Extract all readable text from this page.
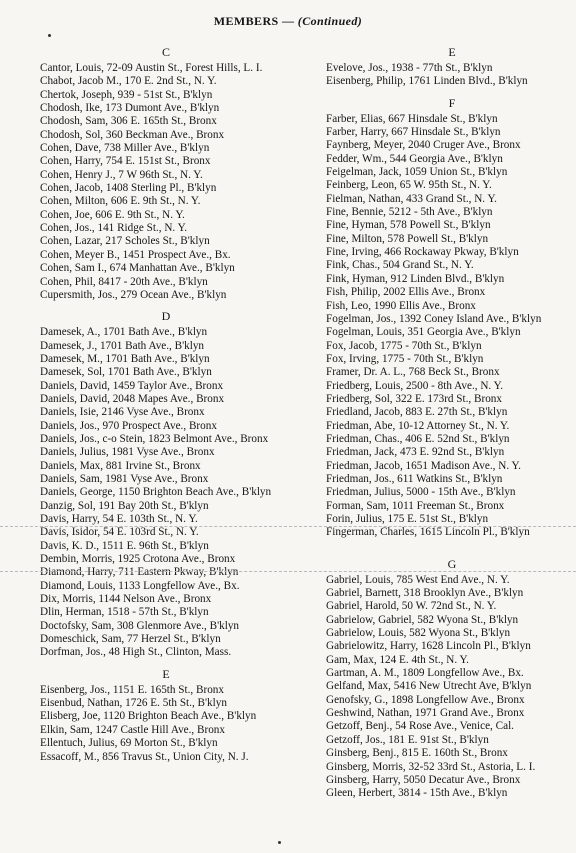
MEMBERS — (Continued)
C
Cantor, Louis, 72-09 Austin St., Forest Hills, L. I.
Chabot, Jacob M., 170 E. 2nd St., N. Y.
Chertok, Joseph, 939 - 51st St., B'klyn
Chodosh, Ike, 173 Dumont Ave., B'klyn
Chodosh, Sam, 306 E. 165th St., Bronx
Chodosh, Sol, 360 Beckman Ave., Bronx
Cohen, Dave, 738 Miller Ave., B'klyn
Cohen, Harry, 754 E. 151st St., Bronx
Cohen, Henry J., 7 W 96th St., N. Y.
Cohen, Jacob, 1408 Sterling Pl., B'klyn
Cohen, Milton, 606 E. 9th St., N. Y.
Cohen, Joe, 606 E. 9th St., N. Y.
Cohen, Jos., 141 Ridge St., N. Y.
Cohen, Lazar, 217 Scholes St., B'klyn
Cohen, Meyer B., 1451 Prospect Ave., Bx.
Cohen, Sam I., 674 Manhattan Ave., B'klyn
Cohen, Phil, 8417 - 20th Ave., B'klyn
Cupersmith, Jos., 279 Ocean Ave., B'klyn
D
Damesek, A., 1701 Bath Ave., B'klyn
Damesek, J., 1701 Bath Ave., B'klyn
Damesek, M., 1701 Bath Ave., B'klyn
Damesek, Sol, 1701 Bath Ave., B'klyn
Daniels, David, 1459 Taylor Ave., Bronx
Daniels, David, 2048 Mapes Ave., Bronx
Daniels, Isie, 2146 Vyse Ave., Bronx
Daniels, Jos., 970 Prospect Ave., Bronx
Daniels, Jos., c-o Stein, 1823 Belmont Ave., Bronx
Daniels, Julius, 1981 Vyse Ave., Bronx
Daniels, Max, 881 Irvine St., Bronx
Daniels, Sam, 1981 Vyse Ave., Bronx
Daniels, George, 1150 Brighton Beach Ave., B'klyn
Danzig, Sol, 191 Bay 20th St., B'klyn
Davis, Harry, 54 E. 103th St., N. Y.
Davis, Isidor, 54 E. 103rd St., N. Y.
Davis, K. D., 1511 E. 96th St., B'klyn
Dembin, Morris, 1925 Crotona Ave., Bronx
Diamond, Harry, 711 Eastern Pkway, B'klyn
Diamond, Louis, 1133 Longfellow Ave., Bx.
Dix, Morris, 1144 Nelson Ave., Bronx
Dlin, Herman, 1518 - 57th St., B'klyn
Doctofsky, Sam, 308 Glenmore Ave., B'klyn
Domeschick, Sam, 77 Herzel St., B'klyn
Dorfman, Jos., 48 High St., Clinton, Mass.
E
Eisenberg, Jos., 1151 E. 165th St., Bronx
Eisenbud, Nathan, 1726 E. 5th St., B'klyn
Elisberg, Joe, 1120 Brighton Beach Ave., B'klyn
Elkin, Sam, 1247 Castle Hill Ave., Bronx
Ellentuch, Julius, 69 Morton St., B'klyn
Essacoff, M., 856 Travus St., Union City, N. J.
E
Evelove, Jos., 1938 - 77th St., B'klyn
Eisenberg, Philip, 1761 Linden Blvd., B'klyn
F
Farber, Elias, 667 Hinsdale St., B'klyn
Farber, Harry, 667 Hinsdale St., B'klyn
Faynberg, Meyer, 2040 Cruger Ave., Bronx
Fedder, Wm., 544 Georgia Ave., B'klyn
Feigelman, Jack, 1059 Union St., B'klyn
Feinberg, Leon, 65 W. 95th St., N. Y.
Fielman, Nathan, 433 Grand St., N. Y.
Fine, Bennie, 5212 - 5th Ave., B'klyn
Fine, Hyman, 578 Powell St., B'klyn
Fine, Milton, 578 Powell St., B'klyn
Fine, Irving, 466 Rockaway Pkway, B'klyn
Fink, Chas., 504 Grand St., N. Y.
Fink, Hyman, 912 Linden Blvd., B'klyn
Fish, Philip, 2002 Ellis Ave., Bronx
Fish, Leo, 1990 Ellis Ave., Bronx
Fogelman, Jos., 1392 Coney Island Ave., B'klyn
Fogelman, Louis, 351 Georgia Ave., B'klyn
Fox, Jacob, 1775 - 70th St., B'klyn
Fox, Irving, 1775 - 70th St., B'klyn
Framer, Dr. A. L., 768 Beck St., Bronx
Friedberg, Louis, 2500 - 8th Ave., N. Y.
Friedberg, Sol, 322 E. 173rd St., Bronx
Friedland, Jacob, 883 E. 27th St., B'klyn
Friedman, Abe, 10-12 Attorney St., N. Y.
Friedman, Chas., 406 E. 52nd St., B'klyn
Friedman, Jack, 473 E. 92nd St., B'klyn
Friedman, Jacob, 1651 Madison Ave., N. Y.
Friedman, Jos., 611 Watkins St., B'klyn
Friedman, Julius, 5000 - 15th Ave., B'klyn
Forman, Sam, 1011 Freeman St., Bronx
Forin, Julius, 175 E. 51st St., B'klyn
Fingerman, Charles, 1615 Lincoln Pl., B'klyn
G
Gabriel, Louis, 785 West End Ave., N. Y.
Gabriel, Barnett, 318 Brooklyn Ave., B'klyn
Gabriel, Harold, 50 W. 72nd St., N. Y.
Gabrielow, Gabriel, 582 Wyona St., B'klyn
Gabrielow, Louis, 582 Wyona St., B'klyn
Gabrielowitz, Harry, 1628 Lincoln Pl., B'klyn
Gam, Max, 124 E. 4th St., N. Y.
Gartman, A. M., 1809 Longfellow Ave., Bx.
Gelfand, Max, 5416 New Utrecht Ave, B'klyn
Genofsky, G., 1898 Longfellow Ave., Bronx
Geshwind, Nathan, 1971 Grand Ave., Bronx
Getzoff, Benj., 54 Rose Ave., Venice, Cal.
Getzoff, Jos., 181 E. 91st St., B'klyn
Ginsberg, Benj., 815 E. 160th St., Bronx
Ginsberg, Morris, 32-52 33rd St., Astoria, L. I.
Ginsberg, Harry, 5050 Decatur Ave., Bronx
Gleen, Herbert, 3814 - 15th Ave., B'klyn
